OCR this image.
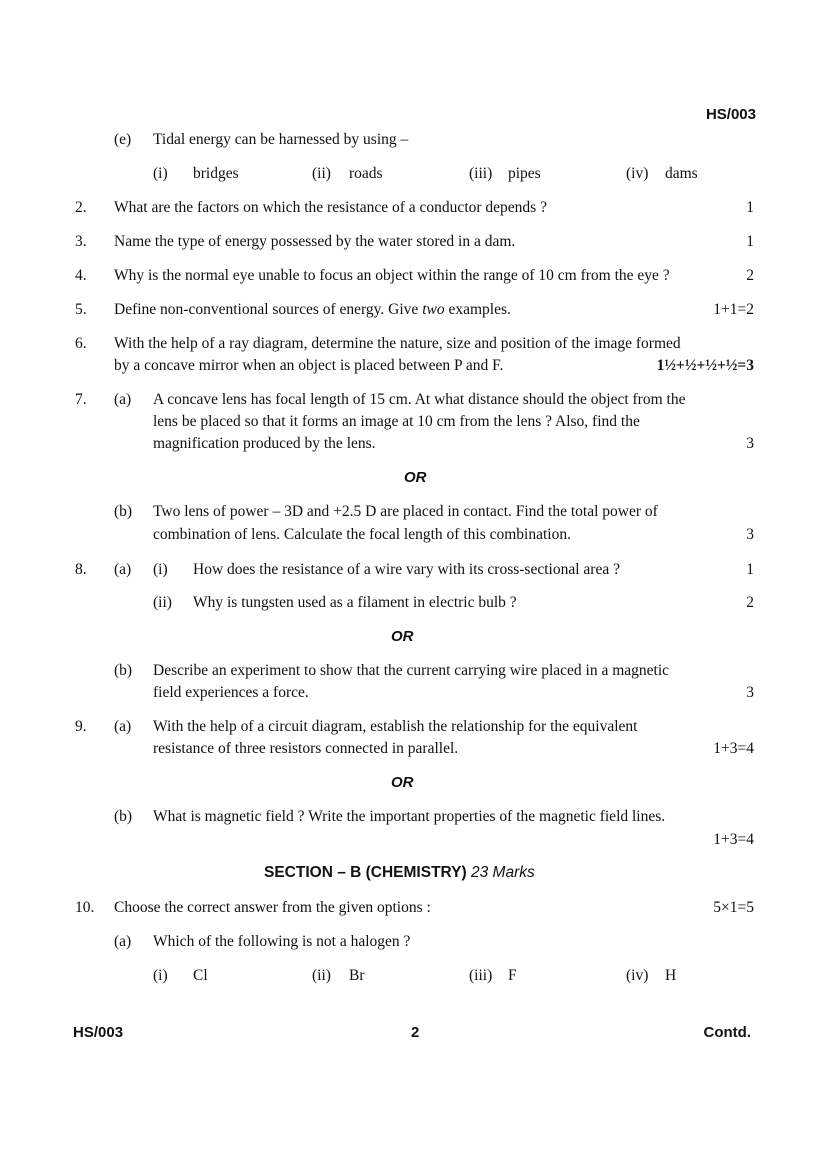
HS/003
(e) Tidal energy can be harnessed by using –
(i) bridges	(ii) roads	(iii) pipes	(iv) dams
2. What are the factors on which the resistance of a conductor depends ?	1
3. Name the type of energy possessed by the water stored in a dam.	1
4. Why is the normal eye unable to focus an object within the range of 10 cm from the eye ?	2
5. Define non-conventional sources of energy. Give two examples.	1+1=2
6. With the help of a ray diagram, determine the nature, size and position of the image formed
by a concave mirror when an object is placed between P and F.	1½+½+½+½=3
7. (a) A concave lens has focal length of 15 cm. At what distance should the object from the
lens be placed so that it forms an image at 10 cm from the lens ? Also, find the
magnification produced by the lens.	3
OR
(b) Two lens of power – 3D and +2.5 D are placed in contact. Find the total power of
combination of lens. Calculate the focal length of this combination.	3
8. (a) (i) How does the resistance of a wire vary with its cross-sectional area ?	1
(ii) Why is tungsten used as a filament in electric bulb ?	2
OR
(b) Describe an experiment to show that the current carrying wire placed in a magnetic
field experiences a force.	3
9. (a) With the help of a circuit diagram, establish the relationship for the equivalent
resistance of three resistors connected in parallel.	1+3=4
OR
(b) What is magnetic field ? Write the important properties of the magnetic field lines.
1+3=4
SECTION – B (CHEMISTRY) 23 Marks
10. Choose the correct answer from the given options :	5×1=5
(a) Which of the following is not a halogen ?
(i) Cl	(ii) Br	(iii) F	(iv) H
HS/003	2	Contd.
